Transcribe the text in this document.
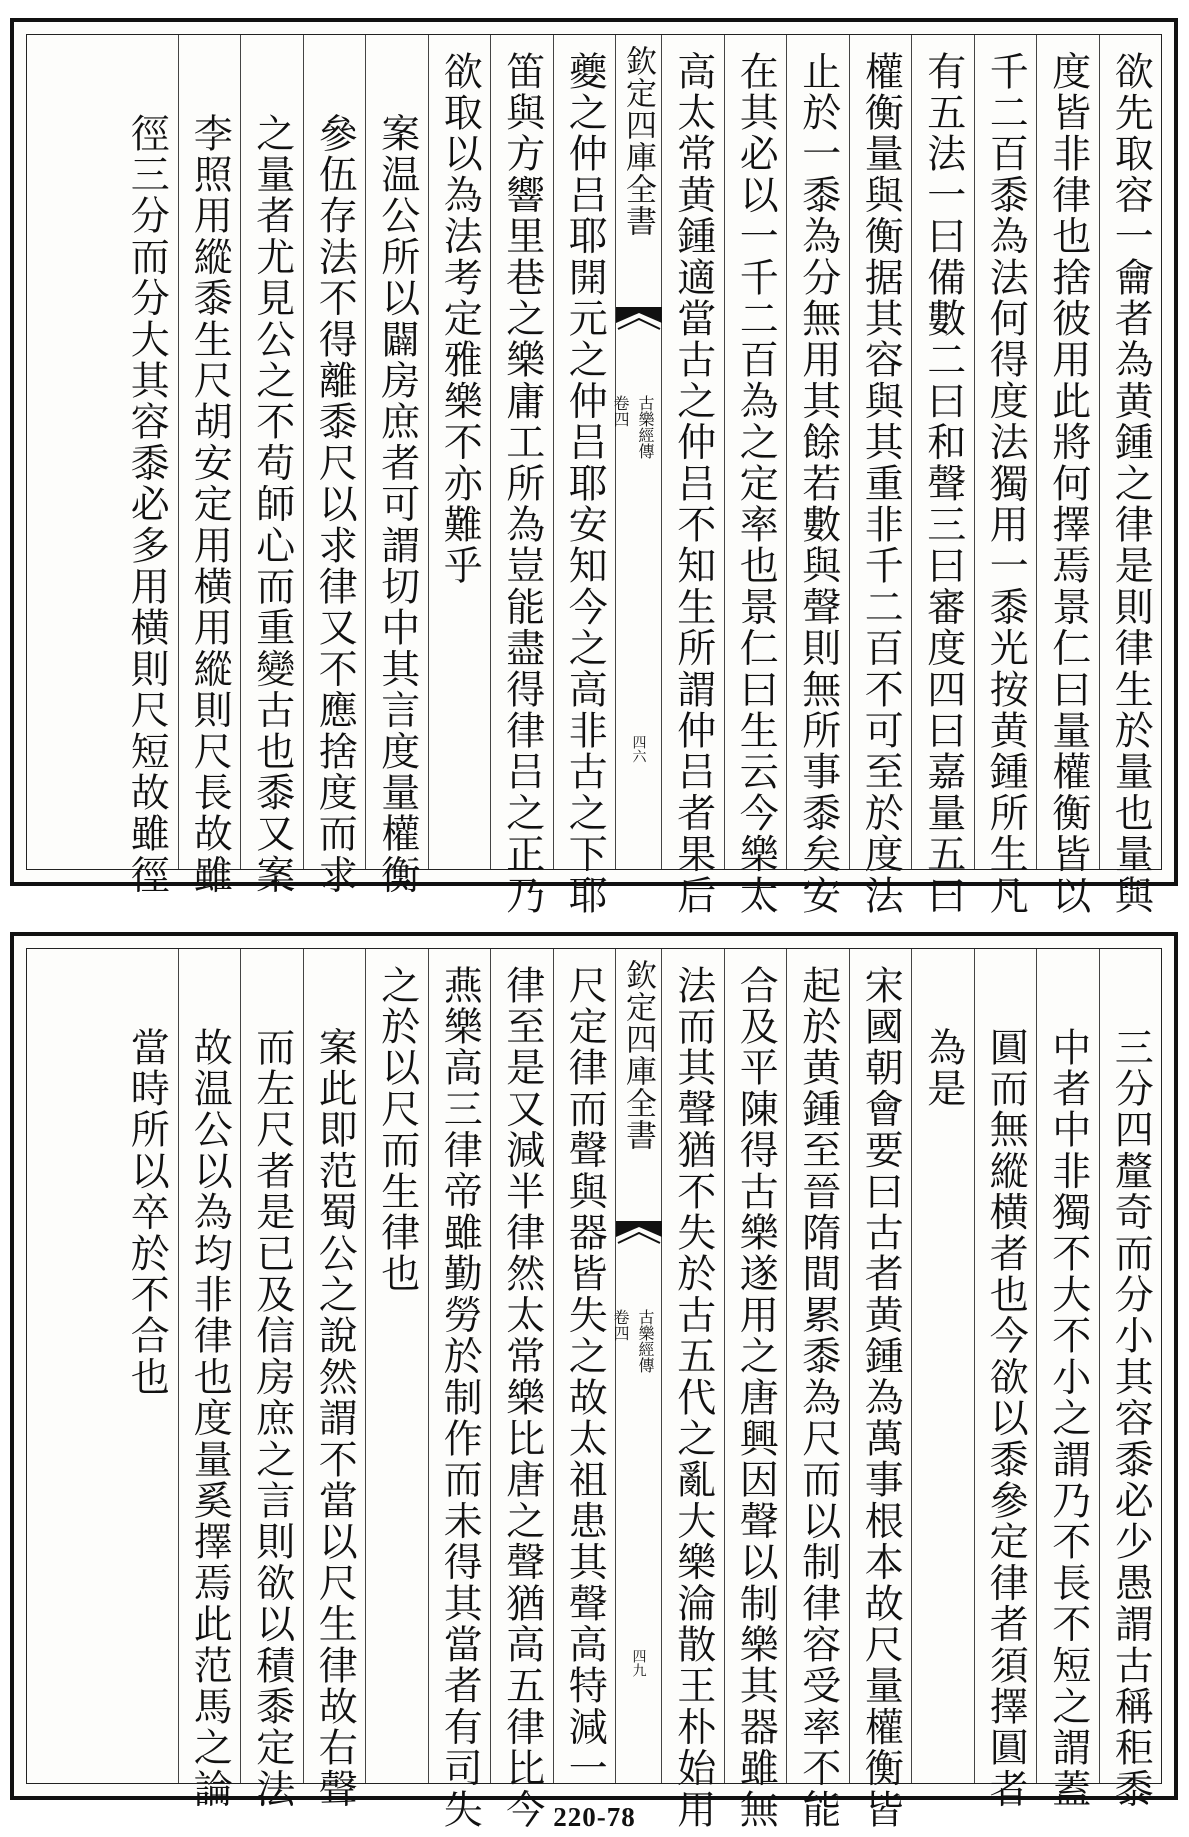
欲先取容一龠者為黄鍾之律是則律生於量也量與
度皆非律也捨彼用此將何擇焉景仁曰量權衡皆以
千二百黍為法何得度法獨用一黍光按黄鍾所生凡
有五法一曰備數二曰和聲三曰審度四曰嘉量五曰
權衡量與衡据其容與其重非千二百不可至於度法
止於一黍為分無用其餘若數與聲則無所事黍矣安
在其必以一千二百為之定率也景仁曰生云今樂太
高太常黄鍾適當古之仲吕不知生所謂仲吕者果后
欽定四庫全書
古樂經傳
卷四
四六
夔之仲吕耶開元之仲吕耶安知今之高非古之下耶
笛與方響里巷之樂庸工所為豈能盡得律吕之正乃
欲取以為法考定雅樂不亦難乎
案温公所以闢房庶者可謂切中其言度量權衡
參伍存法不得離黍尺以求律又不應捨度而求
之量者尤見公之不苟師心而重變古也黍又案
李照用縱黍生尺胡安定用横用縱則尺長故雖
徑三分而分大其容黍必多用横則尺短故雖徑
三分四釐奇而分小其容黍必少愚謂古稱秬黍
中者中非獨不大不小之謂乃不長不短之謂蓋
圓而無縱横者也今欲以黍參定律者須擇圓者
為是
宋國朝會要曰古者黄鍾為萬事根本故尺量權衡皆
起於黄鍾至晉隋間累黍為尺而以制律容受率不能
合及平陳得古樂遂用之唐興因聲以制樂其器雖無
法而其聲猶不失於古五代之亂大樂淪散王朴始用
欽定四庫全書
古樂經傳
卷四
四九
尺定律而聲與器皆失之故太祖患其聲高特減一
律至是又減半律然太常樂比唐之聲猶高五律比今
燕樂高三律帝雖勤勞於制作而未得其當者有司失
之於以尺而生律也
案此即范蜀公之說然謂不當以尺生律故右聲
而左尺者是已及信房庶之言則欲以積黍定法
故温公以為均非律也度量奚擇焉此范馬之論
當時所以卒於不合也
220-78
